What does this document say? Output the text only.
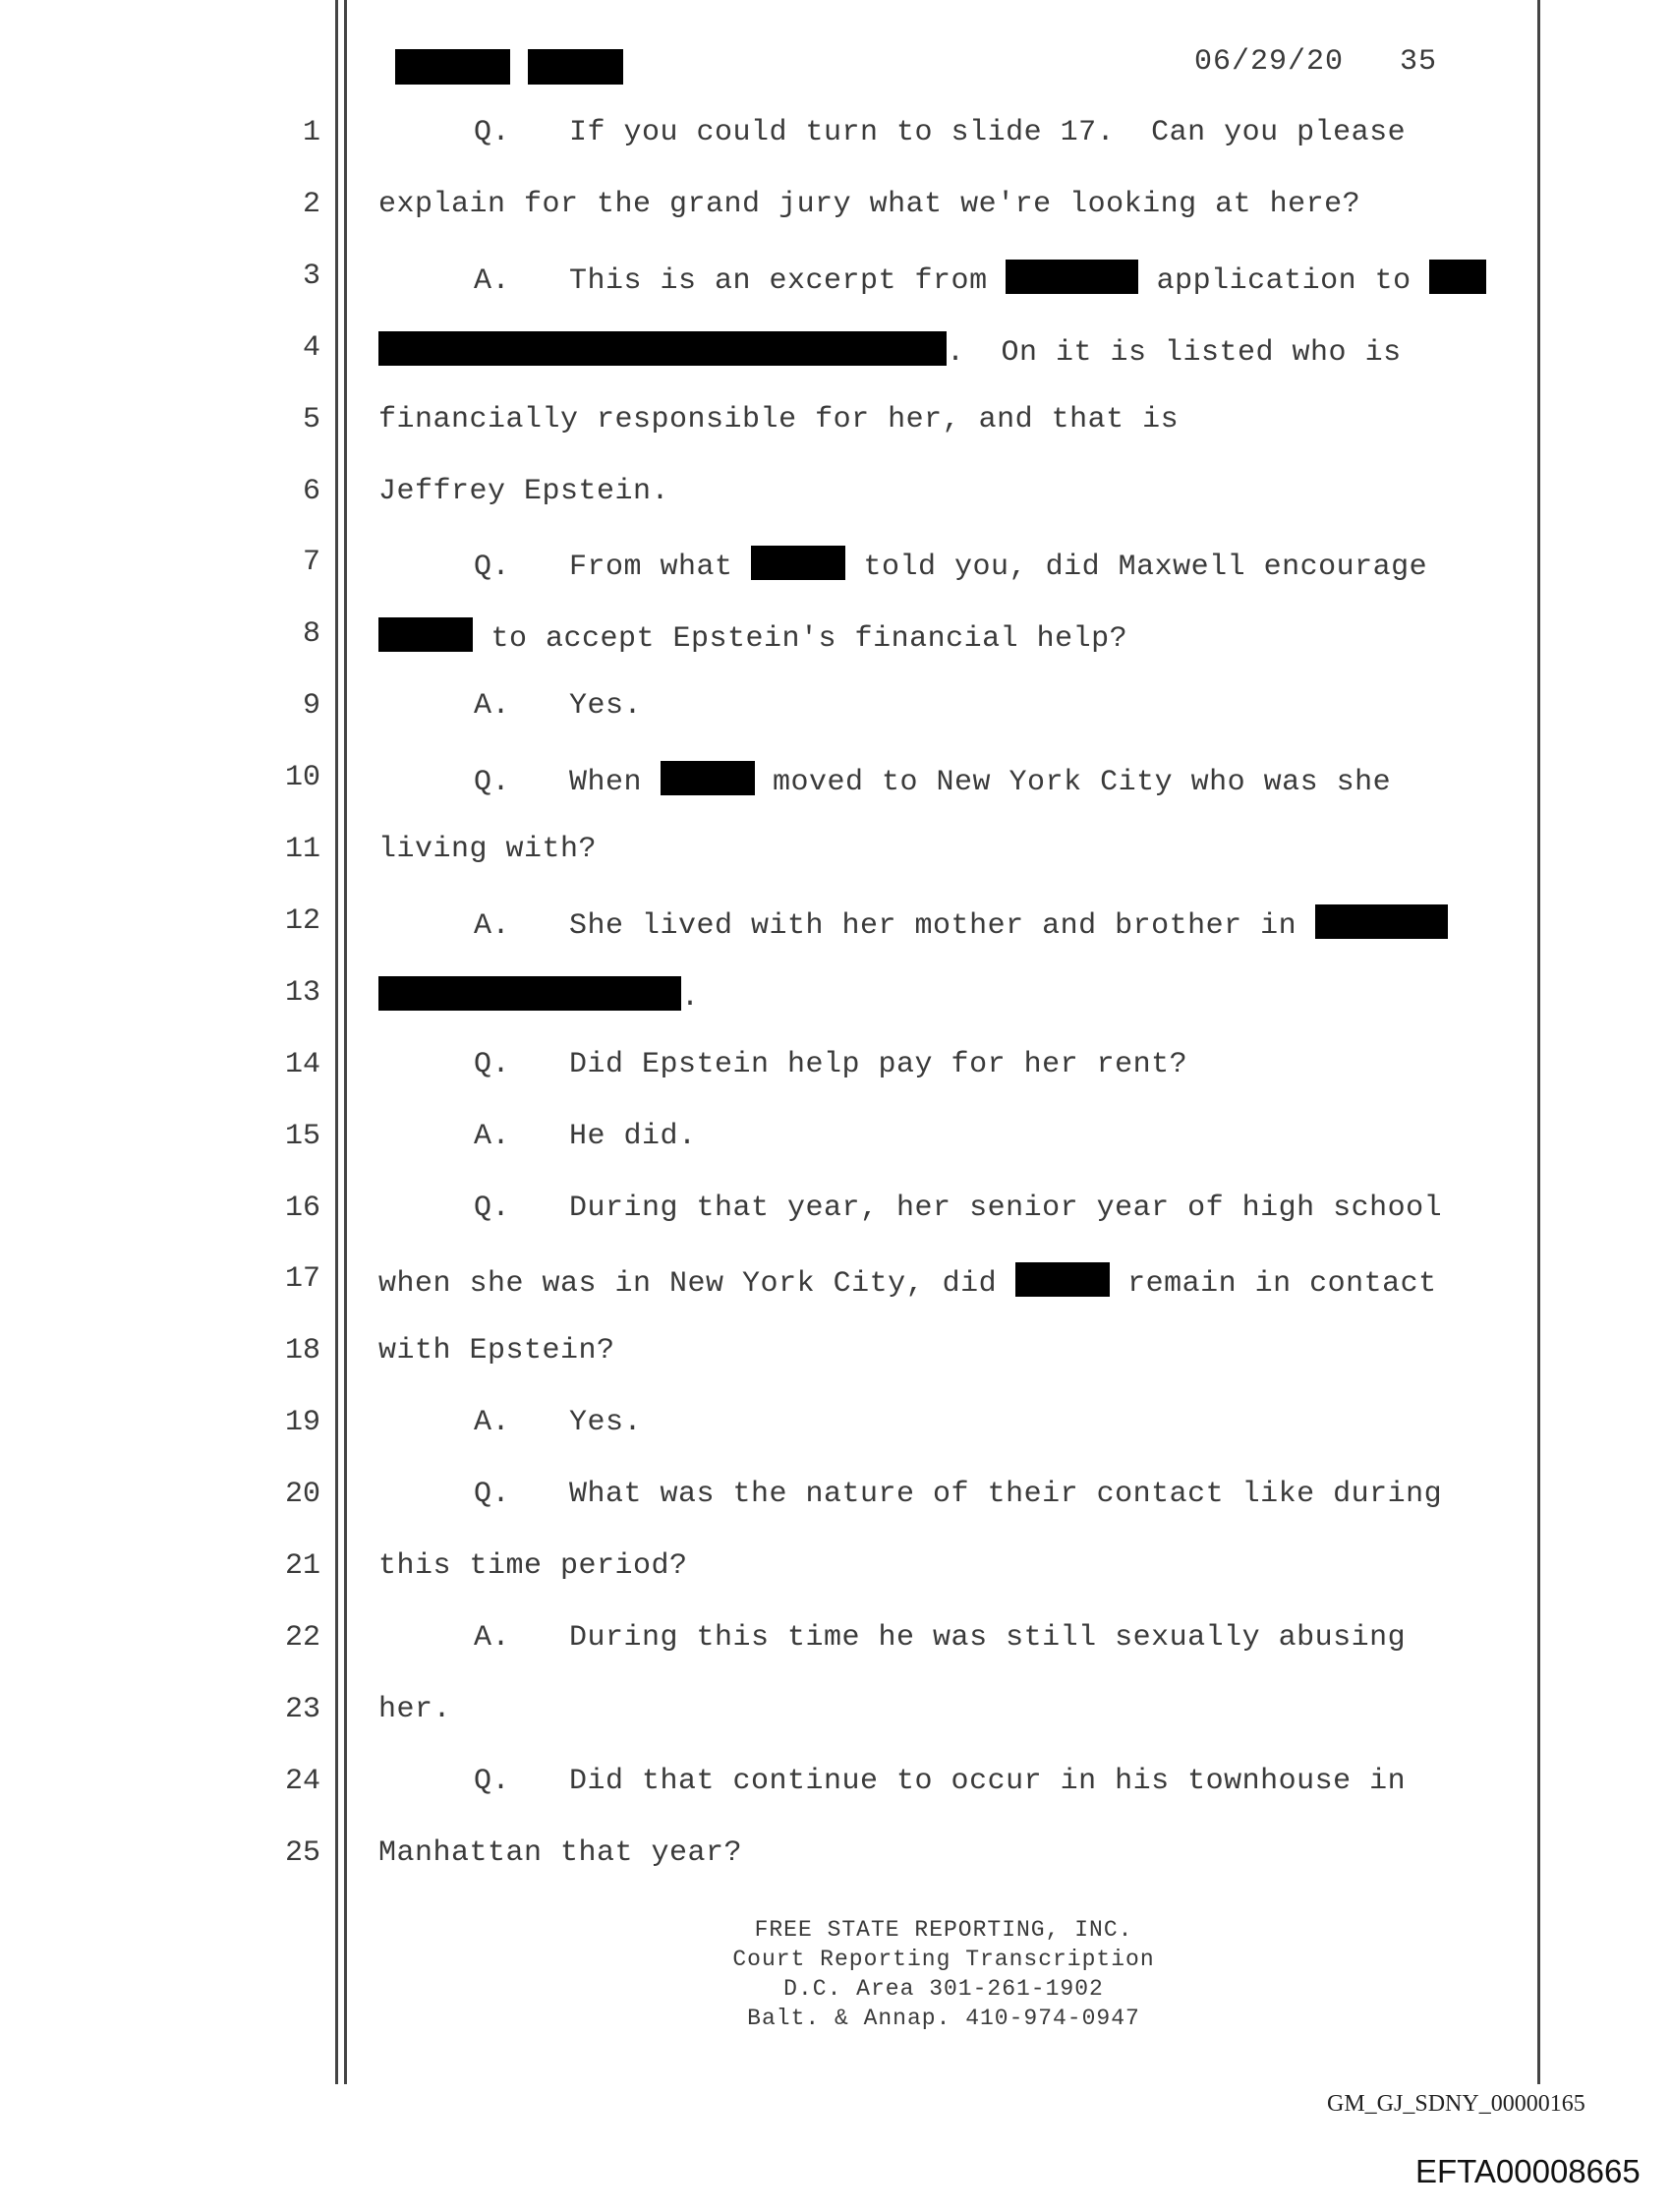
06/29/20 35
1	Q. If you could turn to slide 17.  Can you please
2 explain for the grand jury what we're looking at here?
3	A. This is an excerpt from	application to
4	.  On it is listed who is
5 financially responsible for her, and that is
6 Jeffrey Epstein.
7	Q. From what	told you, did Maxwell encourage
8	to accept Epstein's financial help?
9	A. Yes.
10	Q. When	moved to New York City who was she
11 living with?
12	A. She lived with her mother and brother in
13	.
14	Q. Did Epstein help pay for her rent?
15	A. He did.
16	Q. During that year, her senior year of high school
17 when she was in New York City, did	remain in contact
18 with Epstein?
19	A. Yes.
20	Q. What was the nature of their contact like during
21 this time period?
22	A. During this time he was still sexually abusing
23 her.
24	Q. Did that continue to occur in his townhouse in
25 Manhattan that year?
FREE STATE REPORTING, INC.
Court Reporting Transcription
D.C. Area 301-261-1902
Balt. & Annap. 410-974-0947
GM_GJ_SDNY_00000165
EFTA00008665
